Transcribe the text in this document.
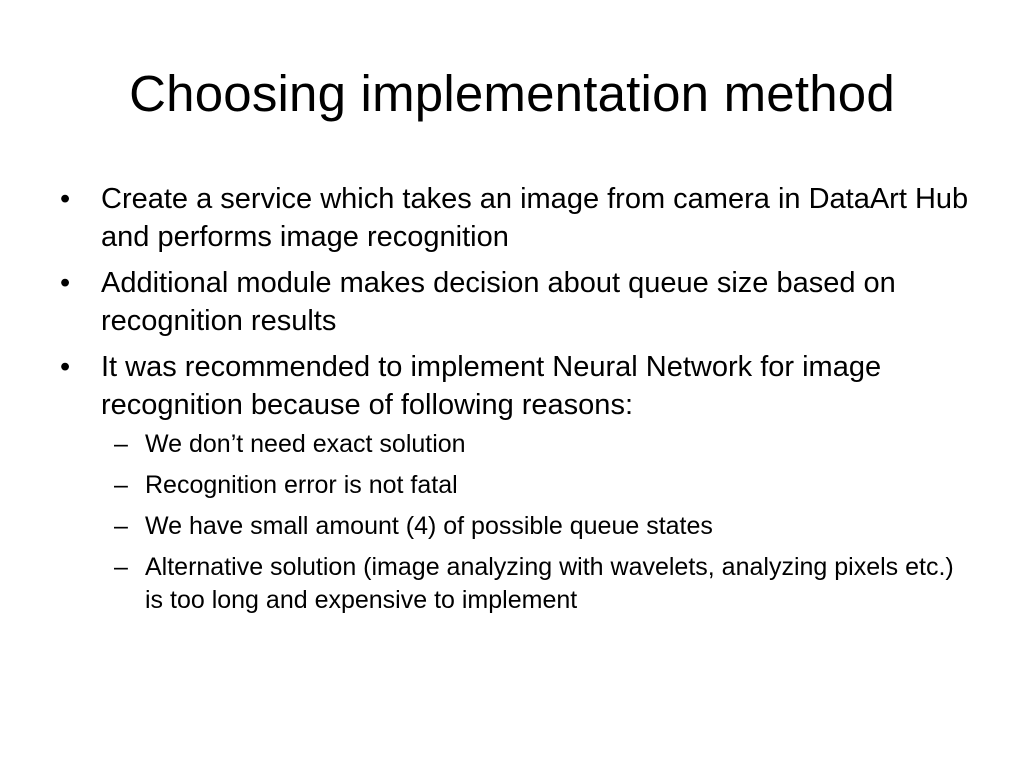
Choosing implementation method
• Create a service which takes an image from camera in DataArt Hub and performs image recognition
• Additional module makes decision about queue size based on recognition results
• It was recommended to implement Neural Network for image recognition because of following reasons:
– We don’t need exact solution
– Recognition error is not fatal
– We have small amount (4) of possible queue states
– Alternative solution (image analyzing with wavelets, analyzing pixels etc.) is too long and expensive to implement
